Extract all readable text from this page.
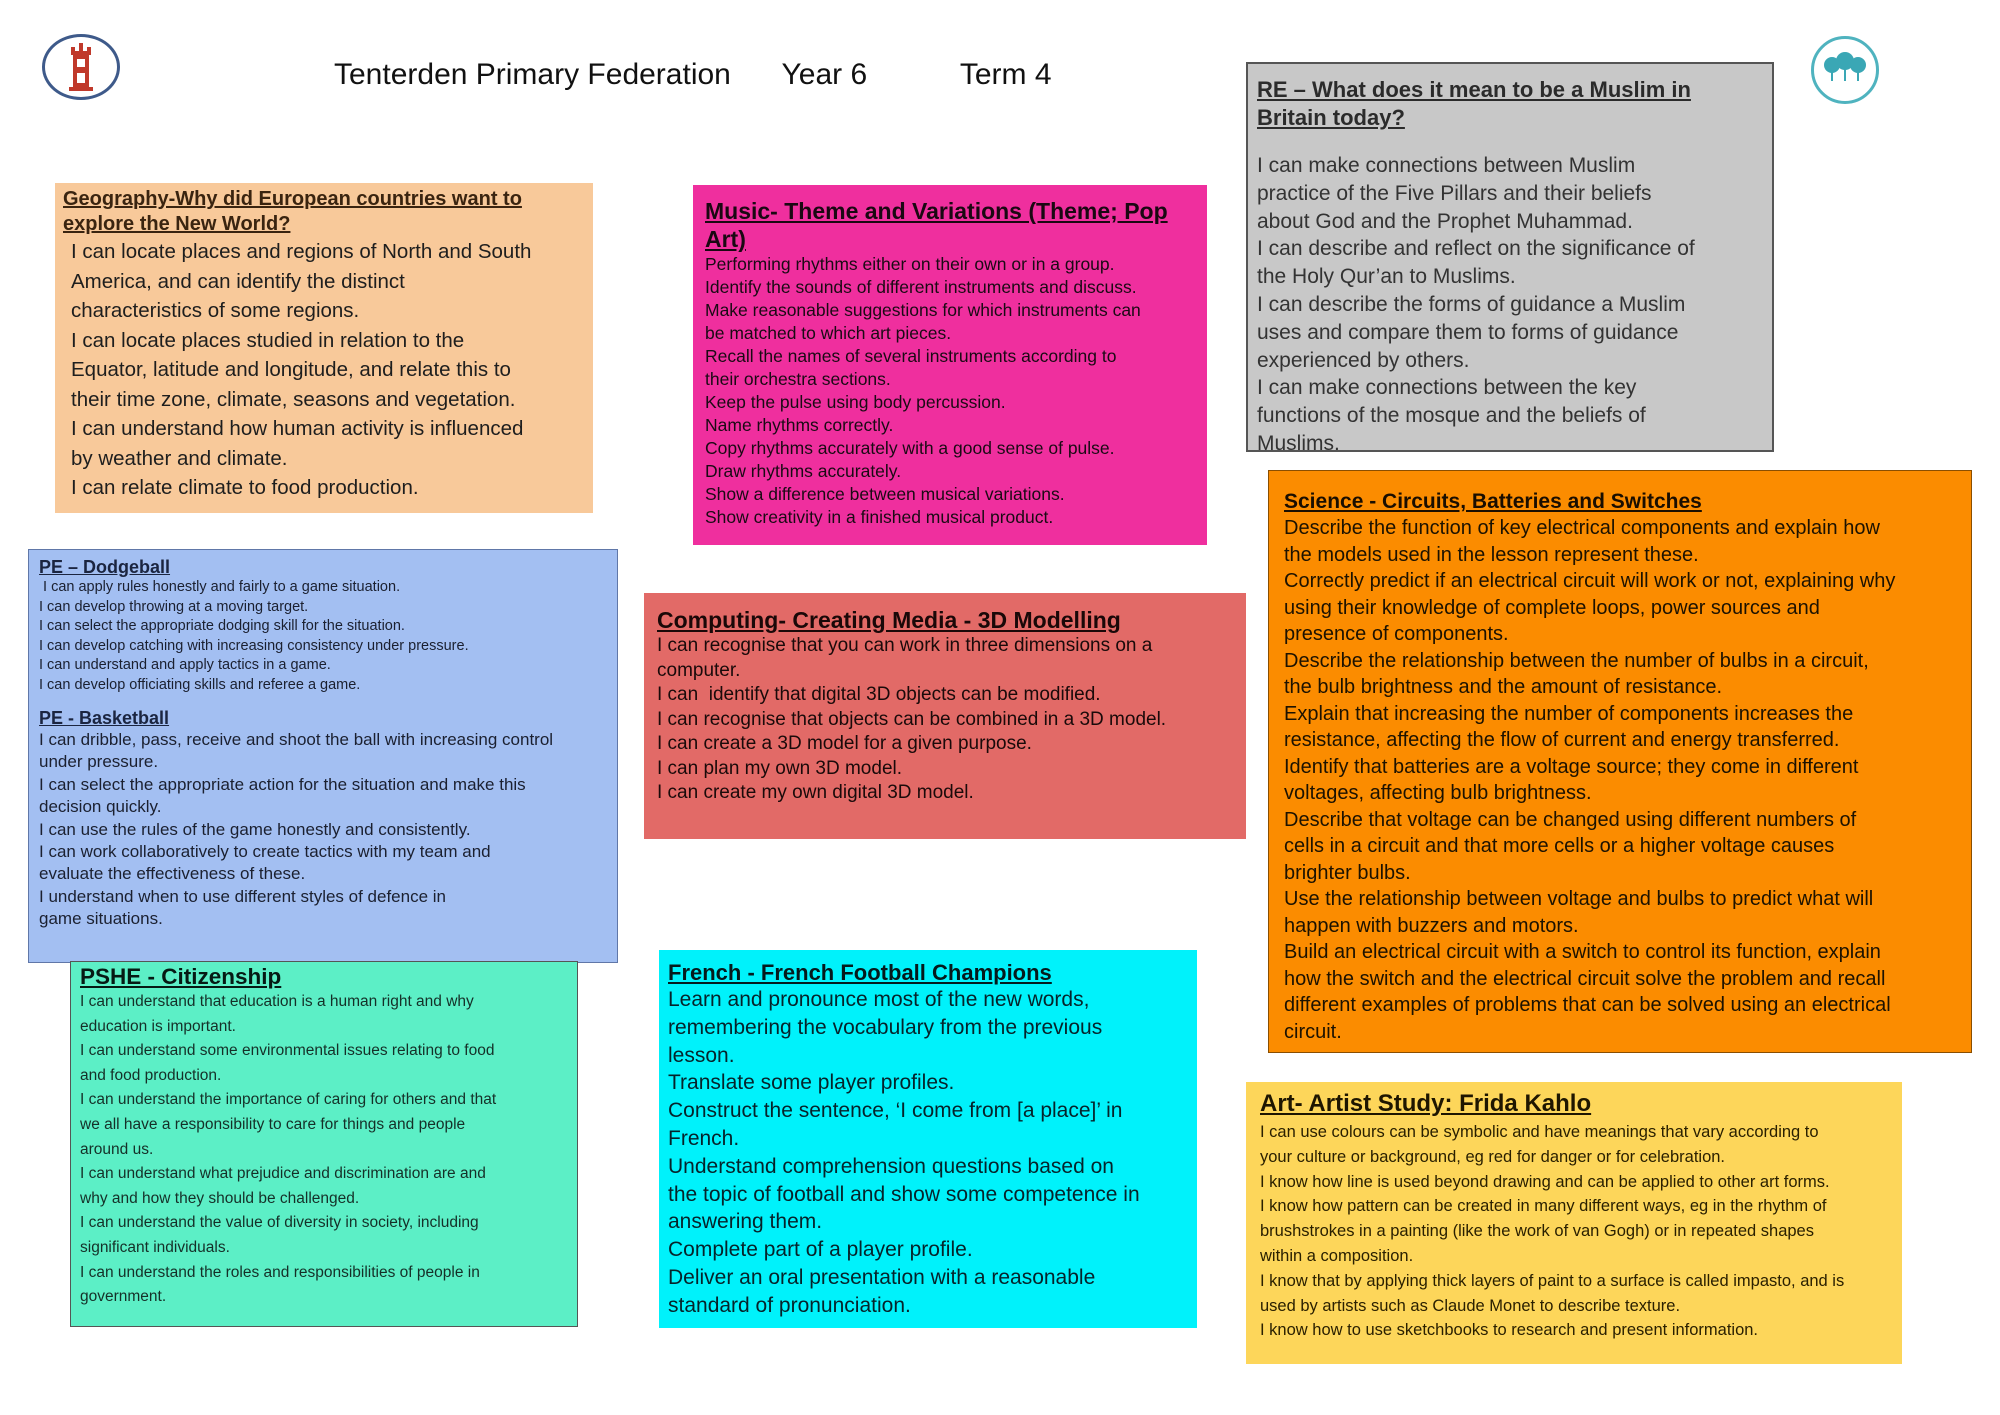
Tenterden Primary Federation Year 6	Term 4
Geography-Why did European countries want to explore the New World?
I can locate places and regions of North and South
America, and can identify the distinct
characteristics of some regions.
I can locate places studied in relation to the
Equator, latitude and longitude, and relate this to
their time zone, climate, seasons and vegetation.
I can understand how human activity is influenced
by weather and climate.
I can relate climate to food production.
Music- Theme and Variations (Theme; Pop Art)
Performing rhythms either on their own or in a group.
Identify the sounds of different instruments and discuss.
Make reasonable suggestions for which instruments can
be matched to which art pieces.
Recall the names of several instruments according to
their orchestra sections.
Keep the pulse using body percussion.
Name rhythms correctly.
Copy rhythms accurately with a good sense of pulse.
Draw rhythms accurately.
Show a difference between musical variations.
Show creativity in a finished musical product.
RE – What does it mean to be a Muslim in Britain today?
I can make connections between Muslim
practice of the Five Pillars and their beliefs
about God and the Prophet Muhammad.
I can describe and reflect on the significance of
the Holy Qur’an to Muslims.
I can describe the forms of guidance a Muslim
uses and compare them to forms of guidance
experienced by others.
I can make connections between the key
functions of the mosque and the beliefs of
Muslims.
PE – Dodgeball
I can apply rules honestly and fairly to a game situation.
I can develop throwing at a moving target.
I can select the appropriate dodging skill for the situation.
I can develop catching with increasing consistency under pressure.
I can understand and apply tactics in a game.
I can develop officiating skills and referee a game.
PE - Basketball
I can dribble, pass, receive and shoot the ball with increasing control
under pressure.
I can select the appropriate action for the situation and make this
decision quickly.
I can use the rules of the game honestly and consistently.
I can work collaboratively to create tactics with my team and
evaluate the effectiveness of these.
I understand when to use different styles of defence in
game situations.
Computing- Creating Media - 3D Modelling
I can recognise that you can work in three dimensions on a
computer.
I can  identify that digital 3D objects can be modified.
I can recognise that objects can be combined in a 3D model.
I can create a 3D model for a given purpose.
I can plan my own 3D model.
I can create my own digital 3D model.
Science - Circuits, Batteries and Switches
Describe the function of key electrical components and explain how
the models used in the lesson represent these.
Correctly predict if an electrical circuit will work or not, explaining why
using their knowledge of complete loops, power sources and
presence of components.
Describe the relationship between the number of bulbs in a circuit,
the bulb brightness and the amount of resistance.
Explain that increasing the number of components increases the
resistance, affecting the flow of current and energy transferred.
Identify that batteries are a voltage source; they come in different
voltages, affecting bulb brightness.
Describe that voltage can be changed using different numbers of
cells in a circuit and that more cells or a higher voltage causes
brighter bulbs.
Use the relationship between voltage and bulbs to predict what will
happen with buzzers and motors.
Build an electrical circuit with a switch to control its function, explain
how the switch and the electrical circuit solve the problem and recall
different examples of problems that can be solved using an electrical
circuit.
PSHE - Citizenship
I can understand that education is a human right and why
education is important.
I can understand some environmental issues relating to food
and food production.
I can understand the importance of caring for others and that
we all have a responsibility to care for things and people
around us.
I can understand what prejudice and discrimination are and
why and how they should be challenged.
I can understand the value of diversity in society, including
significant individuals.
I can understand the roles and responsibilities of people in
government.
French - French Football Champions
Learn and pronounce most of the new words,
remembering the vocabulary from the previous
lesson.
Translate some player profiles.
Construct the sentence, ‘I come from [a place]’ in
French.
Understand comprehension questions based on
the topic of football and show some competence in
answering them.
Complete part of a player profile.
Deliver an oral presentation with a reasonable
standard of pronunciation.
Art- Artist Study: Frida Kahlo
I can use colours can be symbolic and have meanings that vary according to
your culture or background, eg red for danger or for celebration.
I know how line is used beyond drawing and can be applied to other art forms.
I know how pattern can be created in many different ways, eg in the rhythm of
brushstrokes in a painting (like the work of van Gogh) or in repeated shapes
within a composition.
I know that by applying thick layers of paint to a surface is called impasto, and is
used by artists such as Claude Monet to describe texture.
I know how to use sketchbooks to research and present information.
